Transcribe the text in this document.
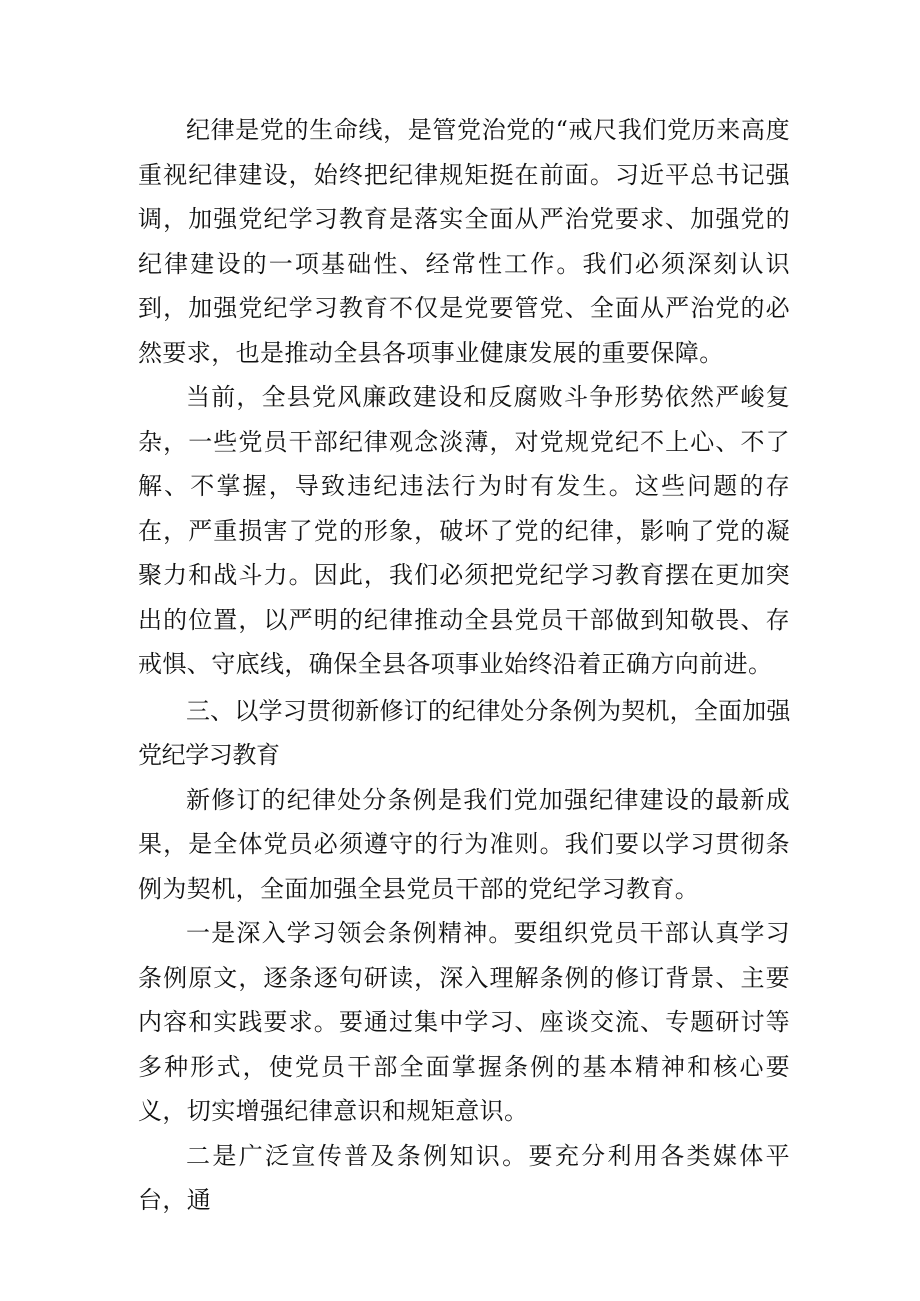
纪律是党的生命线，是管党治党的“戒尺我们党历来高度重视纪律建设，始终把纪律规矩挺在前面。习近平总书记强调，加强党纪学习教育是落实全面从严治党要求、加强党的纪律建设的一项基础性、经常性工作。我们必须深刻认识到，加强党纪学习教育不仅是党要管党、全面从严治党的必然要求，也是推动全县各项事业健康发展的重要保障。

当前，全县党风廉政建设和反腐败斗争形势依然严峻复杂，一些党员干部纪律观念淡薄，对党规党纪不上心、不了解、不掌握，导致违纪违法行为时有发生。这些问题的存在，严重损害了党的形象，破坏了党的纪律，影响了党的凝聚力和战斗力。因此，我们必须把党纪学习教育摆在更加突出的位置，以严明的纪律推动全县党员干部做到知敬畏、存戒惧、守底线，确保全县各项事业始终沿着正确方向前进。

三、以学习贯彻新修订的纪律处分条例为契机，全面加强党纪学习教育

新修订的纪律处分条例是我们党加强纪律建设的最新成果，是全体党员必须遵守的行为准则。我们要以学习贯彻条例为契机，全面加强全县党员干部的党纪学习教育。

一是深入学习领会条例精神。要组织党员干部认真学习条例原文，逐条逐句研读，深入理解条例的修订背景、主要内容和实践要求。要通过集中学习、座谈交流、专题研讨等多种形式，使党员干部全面掌握条例的基本精神和核心要义，切实增强纪律意识和规矩意识。

二是广泛宣传普及条例知识。要充分利用各类媒体平台，通
